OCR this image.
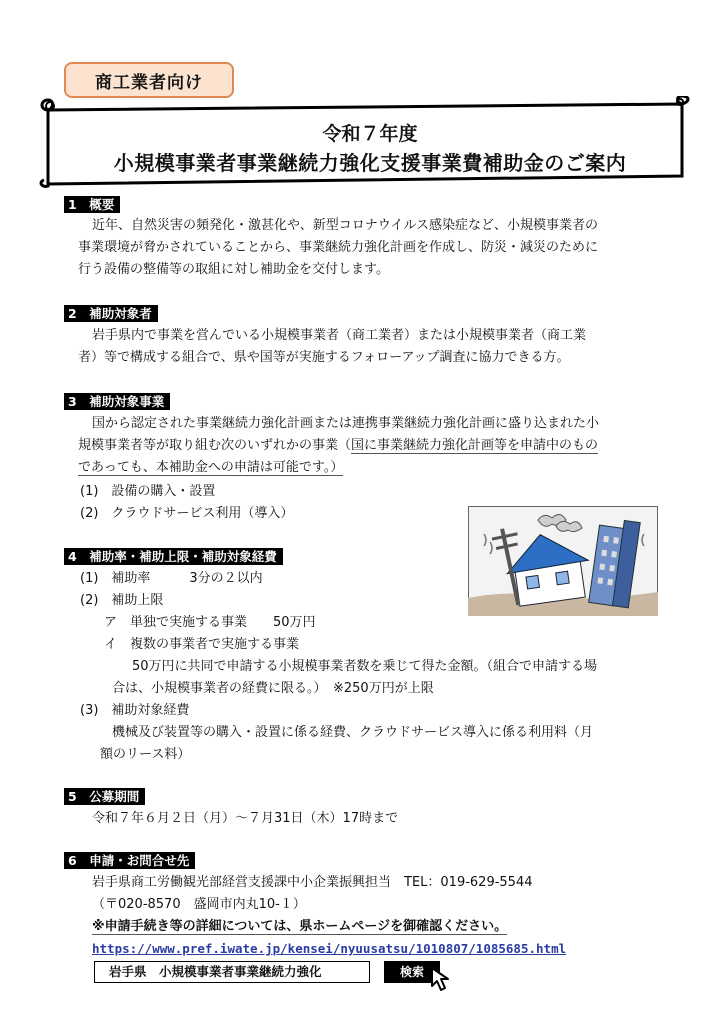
商工業者向け
令和７年度
小規模事業者事業継続力強化支援事業費補助金のご案内
1　概要
近年、自然災害の頻発化・激甚化や、新型コロナウイルス感染症など、小規模事業者の
事業環境が脅かされていることから、事業継続力強化計画を作成し、防災・減災のために
行う設備の整備等の取組に対し補助金を交付します。
2　補助対象者
岩手県内で事業を営んでいる小規模事業者（商工業者）または小規模事業者（商工業
者）等で構成する組合で、県や国等が実施するフォローアップ調査に協力できる方。
3　補助対象事業
国から認定された事業継続力強化計画または連携事業継続力強化計画に盛り込まれた小
規模事業者等が取り組む次のいずれかの事業（国に事業継続力強化計画等を申請中のもの
であっても、本補助金への申請は可能です。）
(1)　設備の購入・設置
(2)　クラウドサービス利用（導入）
4　補助率・補助上限・補助対象経費
(1)　補助率　　　3分の２以内
(2)　補助上限
ア　単独で実施する事業　　50万円
イ　複数の事業者で実施する事業
50万円に共同で申請する小規模事業者数を乗じて得た金額。（組合で申請する場
合は、小規模事業者の経費に限る。）　※250万円が上限
(3)　補助対象経費
機械及び装置等の購入・設置に係る経費、クラウドサービス導入に係る利用料（月
額のリース料）
5　公募期間
令和７年６月２日（月）～７月31日（木）17時まで
6　申請・お問合せ先
岩手県商工労働観光部経営支援課中小企業振興担当　TEL：019-629-5544
（〒020-8570　盛岡市内丸10-１）
※申請手続き等の詳細については、県ホームページを御確認ください。
https://www.pref.iwate.jp/kensei/nyuusatsu/1010807/1085685.html
岩手県　小規模事業者事業継続力強化	検索
